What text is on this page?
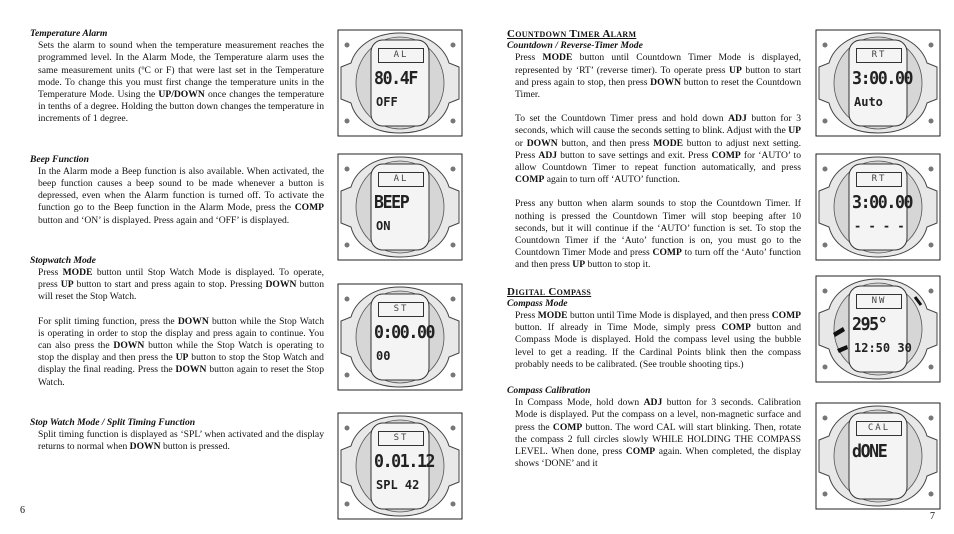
Temperature Alarm

Sets the alarm to sound when the temperature measurement reaches the programmed level. In the Alarm Mode, the Temperature alarm uses the same measurement units (ºC or F) that were last set in the Temperature mode. To change this you must first change the temperature units in the Temperature Mode. Using the UP/DOWN once changes the temperature in tenths of a degree. Holding the button down changes the temperature in increments of 1 degree.

Beep Function

In the Alarm mode a Beep function is also available. When activated, the beep function causes a beep sound to be made whenever a button is depressed, even when the Alarm function is turned off. To activate the function go to the Beep function in the Alarm Mode, press the COMP button and ‘ON’ is displayed. Press again and ‘OFF’ is displayed.

Stopwatch Mode

Press MODE button until Stop Watch Mode is displayed. To operate, press UP button to start and press again to stop. Pressing DOWN button will reset the Stop Watch.

For split timing function, press the DOWN button while the Stop Watch is operating in order to stop the display and press again to continue. You can also press the DOWN button while the Stop Watch is operating to stop the display and then press the UP button to stop the Stop Watch and display the final reading. Press the DOWN button again to reset the Stop Watch.

Stop Watch Mode / Split Timing Function

Split timing function is displayed as ‘SPL’ when activated and the display returns to normal when DOWN button is pressed.

Countdown Timer Alarm
Countdown / Reverse-Timer Mode

Press MODE button until Countdown Timer Mode is displayed, represented by ‘RT’ (reverse timer). To operate press UP button to start and press again to stop, then press DOWN button to reset the Countdown Timer.

To set the Countdown Timer press and hold down ADJ button for 3 seconds, which will cause the seconds setting to blink. Adjust with the UP or DOWN button, and then press MODE button to adjust next setting. Press ADJ button to save settings and exit. Press COMP for ‘AUTO’ to allow Countdown Timer to repeat function automatically, and press COMP again to turn off ‘AUTO’ function.

Press any button when alarm sounds to stop the Countdown Timer. If nothing is pressed the Countdown Timer will stop beeping after 10 seconds, but it will continue if the ‘AUTO’ function is set. To stop the Countdown Timer if the ‘Auto’ function is on, you must go to the Countdown Timer Mode and press COMP to turn off the ‘Auto’ function and then press UP button to stop it.

Digital Compass
Compass Mode

Press MODE button until Time Mode is displayed, and then press COMP button. If already in Time Mode, simply press COMP button and Compass Mode is displayed. Hold the compass level using the bubble level to get a reading. If the Cardinal Points blink then the compass probably needs to be calibrated. (See trouble shooting tips.)

Compass Calibration

In Compass Mode, hold down ADJ button for 3 seconds. Calibration Mode is displayed. Put the compass on a level, non-magnetic surface and press the COMP button. The word CAL will start blinking. Then, rotate the compass 2 full circles slowly WHILE HOLDING THE COMPASS LEVEL. When done, press COMP again. When completed, the display shows ‘DONE’ and it

6
7
AL
80.4F
OFF
AL
BEEP
ON
ST
0:00.00
00
ST
0.01.12
SPL 42
RT
3:00.00
Auto
RT
3:00.00
- - - -
NW
295°
12:50 30
CAL
dONE
